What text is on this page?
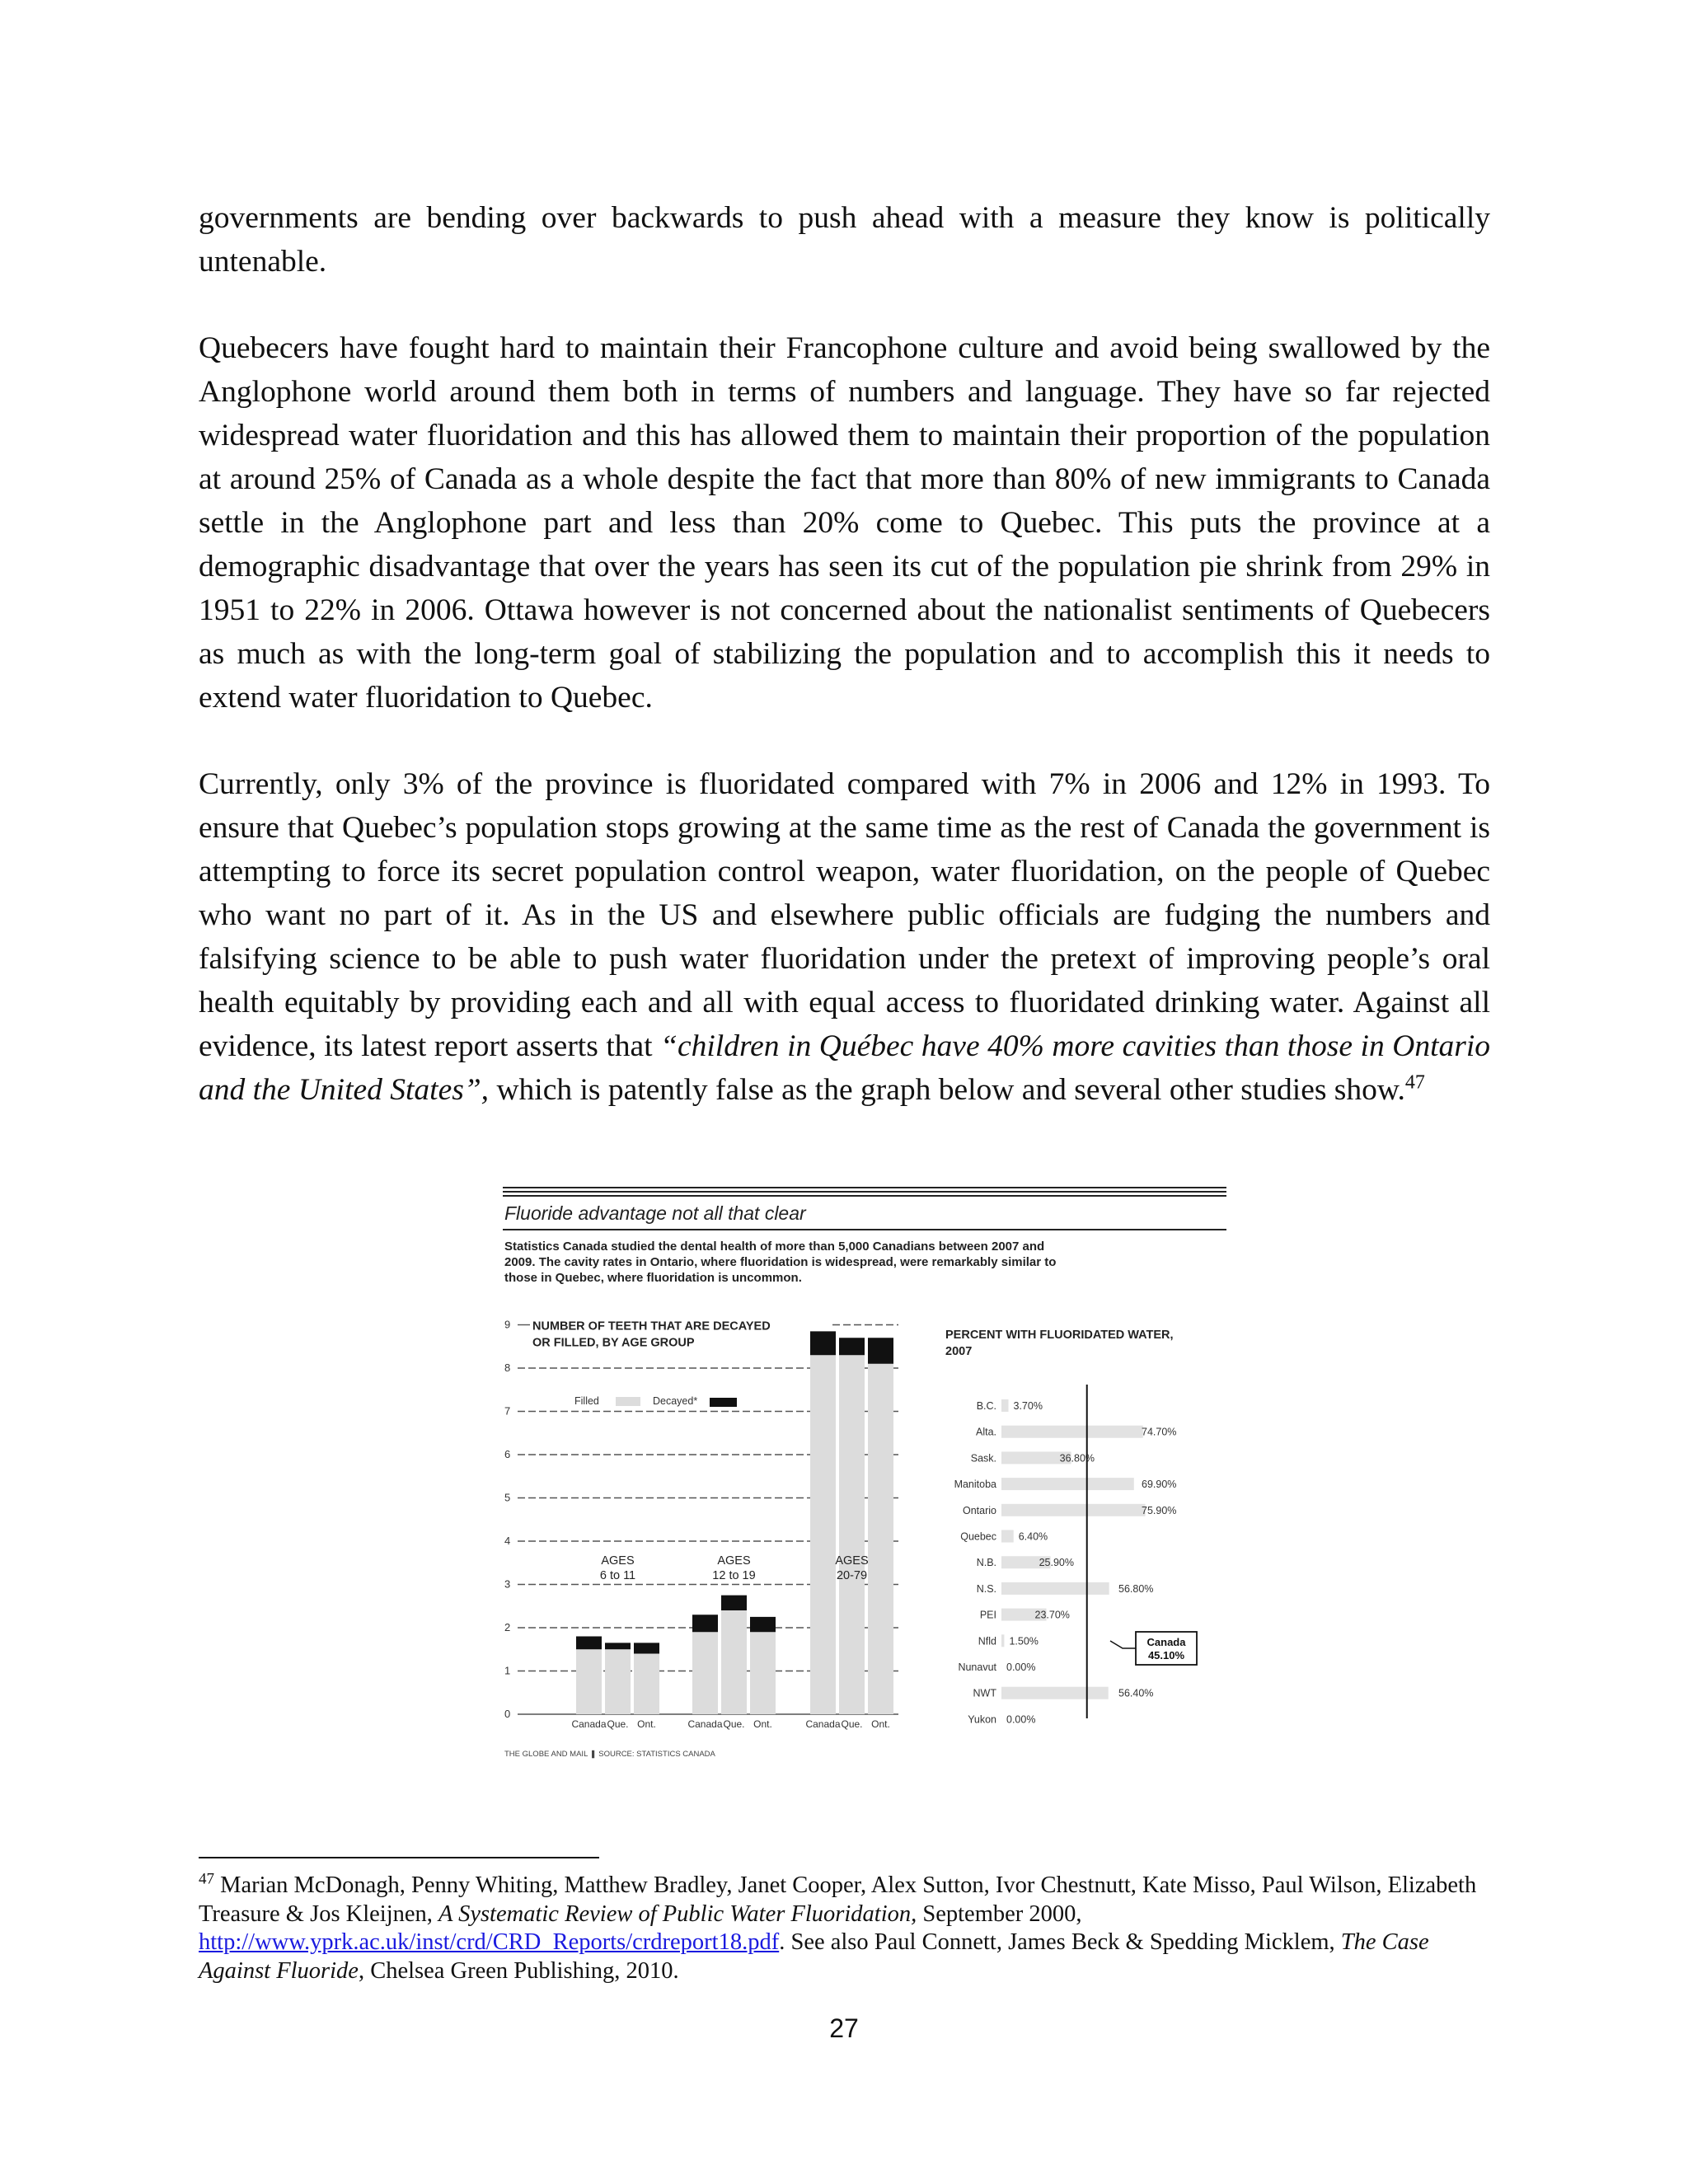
governments are bending over backwards to push ahead with a measure they know is politically untenable.

Quebecers have fought hard to maintain their Francophone culture and avoid being swallowed by the Anglophone world around them both in terms of numbers and language. They have so far rejected widespread water fluoridation and this has allowed them to maintain their proportion of the population at around 25% of Canada as a whole despite the fact that more than 80% of new immigrants to Canada settle in the Anglophone part and less than 20% come to Quebec. This puts the province at a demographic disadvantage that over the years has seen its cut of the population pie shrink from 29% in 1951 to 22% in 2006. Ottawa however is not concerned about the nationalist sentiments of Quebecers as much as with the long-term goal of stabilizing the population and to accomplish this it needs to extend water fluoridation to Quebec.

Currently, only 3% of the province is fluoridated compared with 7% in 2006 and 12% in 1993. To ensure that Quebec’s population stops growing at the same time as the rest of Canada the government is attempting to force its secret population control weapon, water fluoridation, on the people of Quebec who want no part of it. As in the US and elsewhere public officials are fudging the numbers and falsifying science to be able to push water fluoridation under the pretext of improving people’s oral health equitably by providing each and all with equal access to fluoridated drinking water. Against all evidence, its latest report asserts that “children in Québec have 40% more cavities than those in Ontario and the United States”, which is patently false as the graph below and several other studies show.$^{47}$

Fluoride advantage not all that clear
Statistics Canada studied the dental health of more than 5,000 Canadians between 2007 and
2009. The cavity rates in Ontario, where fluoridation is widespread, were remarkably similar to
those in Quebec, where fluoridation is uncommon.
0
1
2
3
4
5
6
7
8
9 NUMBER OF TEETH THAT ARE DECAYED
OR FILLED, BY AGE GROUP
Filled	Decayed*
Canada Que. Ont.
AGES
6 to 11
Canada Que. Ont.
AGES
12 to 19
Canada Que. Ont.
AGES
20-79
PERCENT WITH FLUORIDATED WATER,
2007
B.C. 3.70%
Alta.	74.70%
Sask.	36.80%
Manitoba	69.90%
Ontario	75.90%
Quebec 6.40%
N.B.	25.90%
N.S.	56.80%
PEI	23.70%
Nfld 1.50%
Nunavut 0.00%
NWT	56.40%
Yukon 0.00%
Canada
45.10%
THE GLOBE AND MAIL ❚ SOURCE: STATISTICS CANADA

$^{47}$ Marian McDonagh, Penny Whiting, Matthew Bradley, Janet Cooper, Alex Sutton, Ivor Chestnutt, Kate Misso, Paul Wilson, Elizabeth Treasure & Jos Kleijnen, A Systematic Review of Public Water Fluoridation, September 2000, http://www.yprk.ac.uk/inst/crd/CRD_Reports/crdreport18.pdf. See also Paul Connett, James Beck & Spedding Micklem, The Case Against Fluoride, Chelsea Green Publishing, 2010.

27
